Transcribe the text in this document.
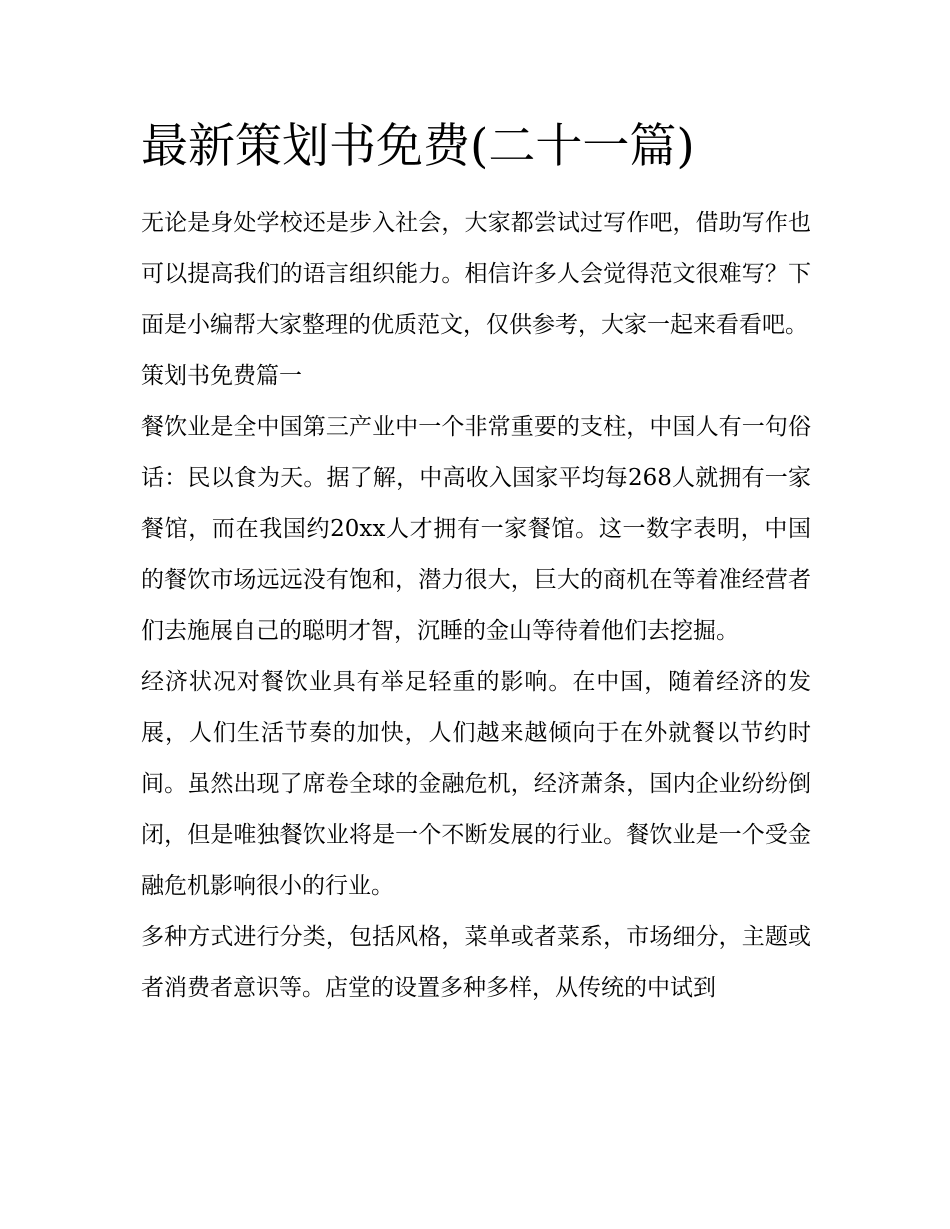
最新策划书免费(二十一篇)

无论是身处学校还是步入社会，大家都尝试过写作吧，借助写作也可以提高我们的语言组织能力。相信许多人会觉得范文很难写？下面是小编帮大家整理的优质范文，仅供参考，大家一起来看看吧。

策划书免费篇一

餐饮业是全中国第三产业中一个非常重要的支柱，中国人有一句俗话：民以食为天。据了解，中高收入国家平均每268人就拥有一家餐馆，而在我国约20xx人才拥有一家餐馆。这一数字表明，中国的餐饮市场远远没有饱和，潜力很大，巨大的商机在等着准经营者们去施展自己的聪明才智，沉睡的金山等待着他们去挖掘。

经济状况对餐饮业具有举足轻重的影响。在中国，随着经济的发展，人们生活节奏的加快，人们越来越倾向于在外就餐以节约时间。虽然出现了席卷全球的金融危机，经济萧条，国内企业纷纷倒闭，但是唯独餐饮业将是一个不断发展的行业。餐饮业是一个受金融危机影响很小的行业。

多种方式进行分类，包括风格，菜单或者菜系，市场细分，主题或者消费者意识等。店堂的设置多种多样，从传统的中试到
